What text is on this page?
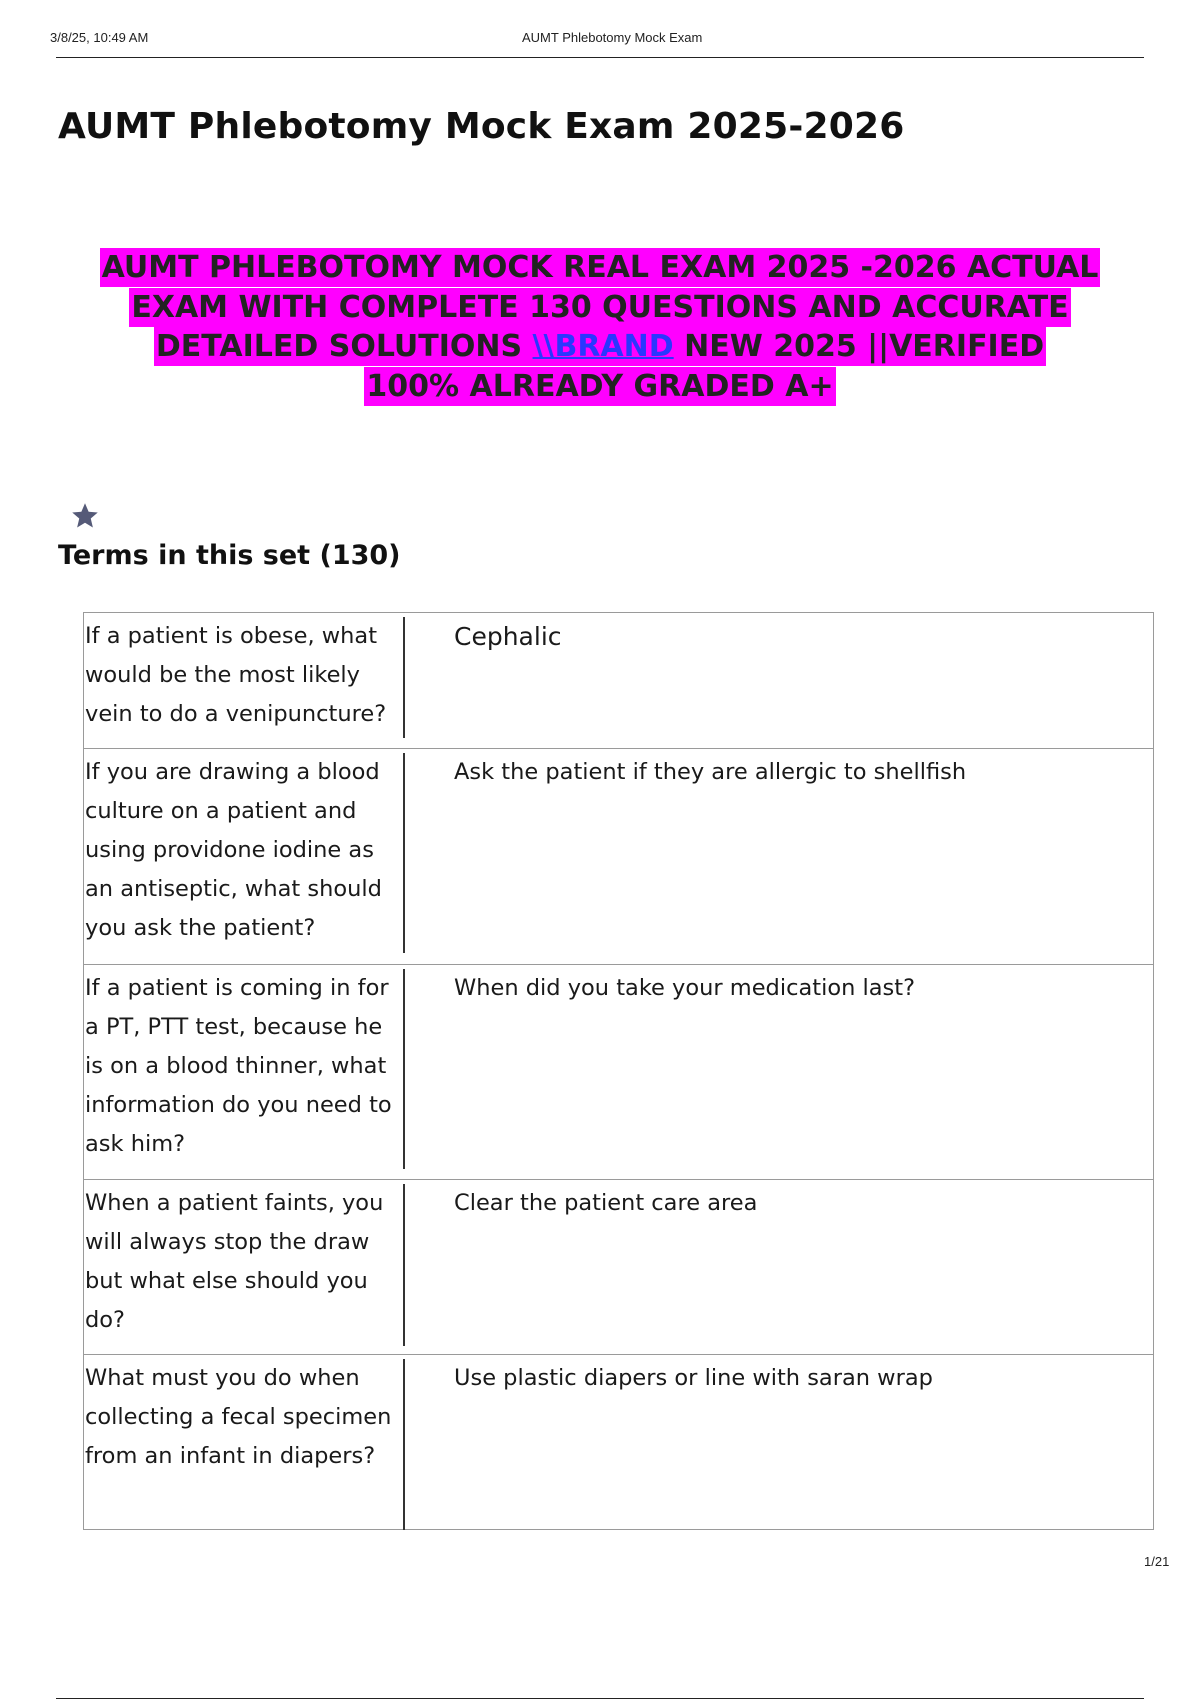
3/8/25, 10:49 AM	AUMT Phlebotomy Mock Exam
AUMT Phlebotomy Mock Exam 2025-2026

AUMT PHLEBOTOMY MOCK REAL EXAM 2025 -2026 ACTUAL
EXAM WITH COMPLETE 130 QUESTIONS AND ACCURATE
DETAILED SOLUTIONS \\BRAND NEW 2025 ||VERIFIED
100% ALREADY GRADED A+

Terms in this set (130)
If a patient is obese, what would be the most likely vein to do a venipuncture?
Cephalic
If you are drawing a blood culture on a patient and using providone iodine as an antiseptic, what should you ask the patient?
Ask the patient if they are allergic to shellfish
If a patient is coming in for a PT, PTT test, because he is on a blood thinner, what information do you need to ask him?
When did you take your medication last?
When a patient faints, you will always stop the draw but what else should you do?
Clear the patient care area
What must you do when collecting a fecal specimen from an infant in diapers?
Use plastic diapers or line with saran wrap
1/21
